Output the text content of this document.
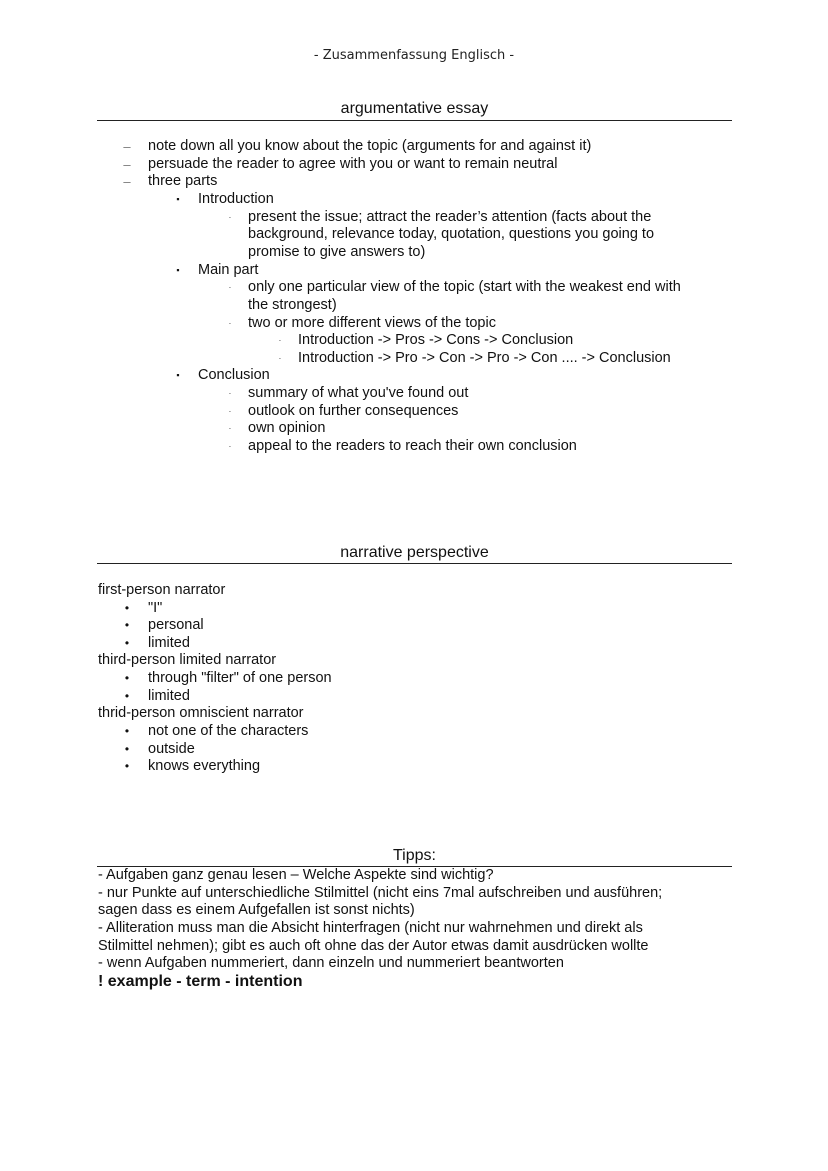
- Zusammenfassung Englisch -
argumentative essay
– note down all you know about the topic (arguments for and against it)
– persuade the reader to agree with you or want to remain neutral
– three parts
▪	Introduction
·	present the issue; attract the reader’s attention (facts about the
background, relevance today, quotation, questions you going to
promise to give answers to)
▪	Main part
·	only one particular view of the topic (start with the weakest end with
the strongest)
·	two or more different views of the topic
·	Introduction -> Pros -> Cons -> Conclusion
·	Introduction -> Pro -> Con -> Pro -> Con .... -> Conclusion
▪	Conclusion
·	summary of what you've found out
·	outlook on further consequences
·	own opinion
·	appeal to the readers to reach their own conclusion
narrative perspective
first-person narrator
•	"I"
•	personal
•	limited
third-person limited narrator
•	through "filter" of one person
•	limited
thrid-person omniscient narrator
•	not one of the characters
•	outside
•	knows everything
Tipps:
- Aufgaben ganz genau lesen – Welche Aspekte sind wichtig?
- nur Punkte auf unterschiedliche Stilmittel (nicht eins 7mal aufschreiben und ausführen;
sagen dass es einem Aufgefallen ist sonst nichts)
- Alliteration muss man die Absicht hinterfragen (nicht nur wahrnehmen und direkt als
Stilmittel nehmen); gibt es auch oft ohne das der Autor etwas damit ausdrücken wollte
- wenn Aufgaben nummeriert, dann einzeln und nummeriert beantworten
! example - term - intention
